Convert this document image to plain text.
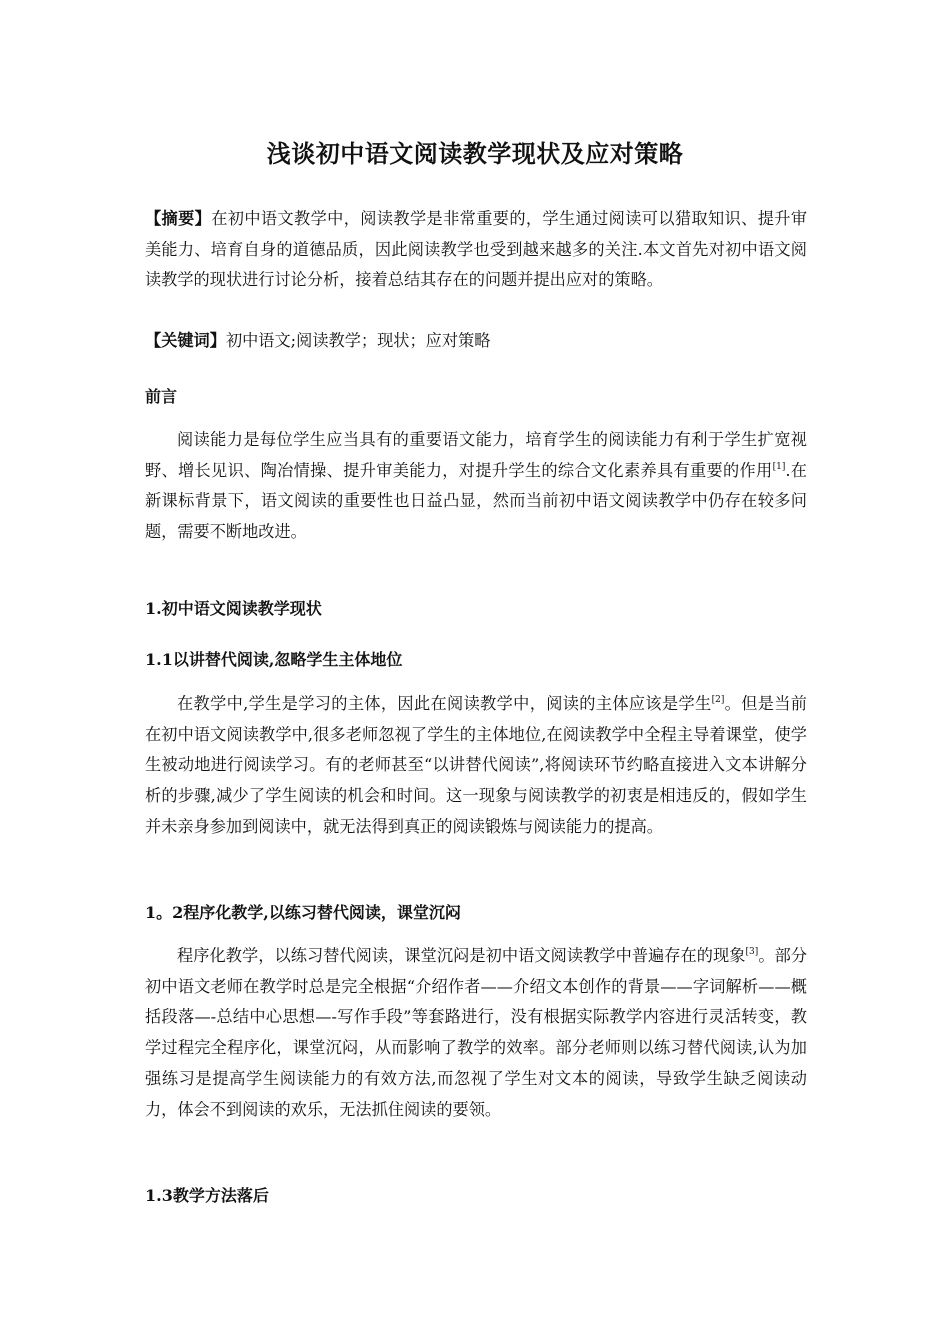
浅谈初中语文阅读教学现状及应对策略

【摘要】在初中语文教学中，阅读教学是非常重要的，学生通过阅读可以猎取知识、提升审美能力、培育自身的道德品质，因此阅读教学也受到越来越多的关注.本文首先对初中语文阅读教学的现状进行讨论分析，接着总结其存在的问题并提出应对的策略。

【关键词】初中语文;阅读教学；现状；应对策略

前言

阅读能力是每位学生应当具有的重要语文能力，培育学生的阅读能力有利于学生扩宽视野、增长见识、陶冶情操、提升审美能力，对提升学生的综合文化素养具有重要的作用[1].在新课标背景下，语文阅读的重要性也日益凸显，然而当前初中语文阅读教学中仍存在较多问题，需要不断地改进。

1.初中语文阅读教学现状
1.1以讲替代阅读,忽略学生主体地位

在教学中,学生是学习的主体，因此在阅读教学中，阅读的主体应该是学生[2]。但是当前在初中语文阅读教学中,很多老师忽视了学生的主体地位,在阅读教学中全程主导着课堂，使学生被动地进行阅读学习。有的老师甚至“以讲替代阅读”,将阅读环节约略直接进入文本讲解分析的步骤,减少了学生阅读的机会和时间。这一现象与阅读教学的初衷是相违反的，假如学生并未亲身参加到阅读中，就无法得到真正的阅读锻炼与阅读能力的提高。

1。2程序化教学,以练习替代阅读，课堂沉闷

程序化教学，以练习替代阅读，课堂沉闷是初中语文阅读教学中普遍存在的现象[3]。部分初中语文老师在教学时总是完全根据“介绍作者——介绍文本创作的背景——字词解析——概括段落—-总结中心思想—-写作手段”等套路进行，没有根据实际教学内容进行灵活转变，教学过程完全程序化，课堂沉闷，从而影响了教学的效率。部分老师则以练习替代阅读,认为加强练习是提高学生阅读能力的有效方法,而忽视了学生对文本的阅读，导致学生缺乏阅读动力，体会不到阅读的欢乐，无法抓住阅读的要领。

1.3教学方法落后
